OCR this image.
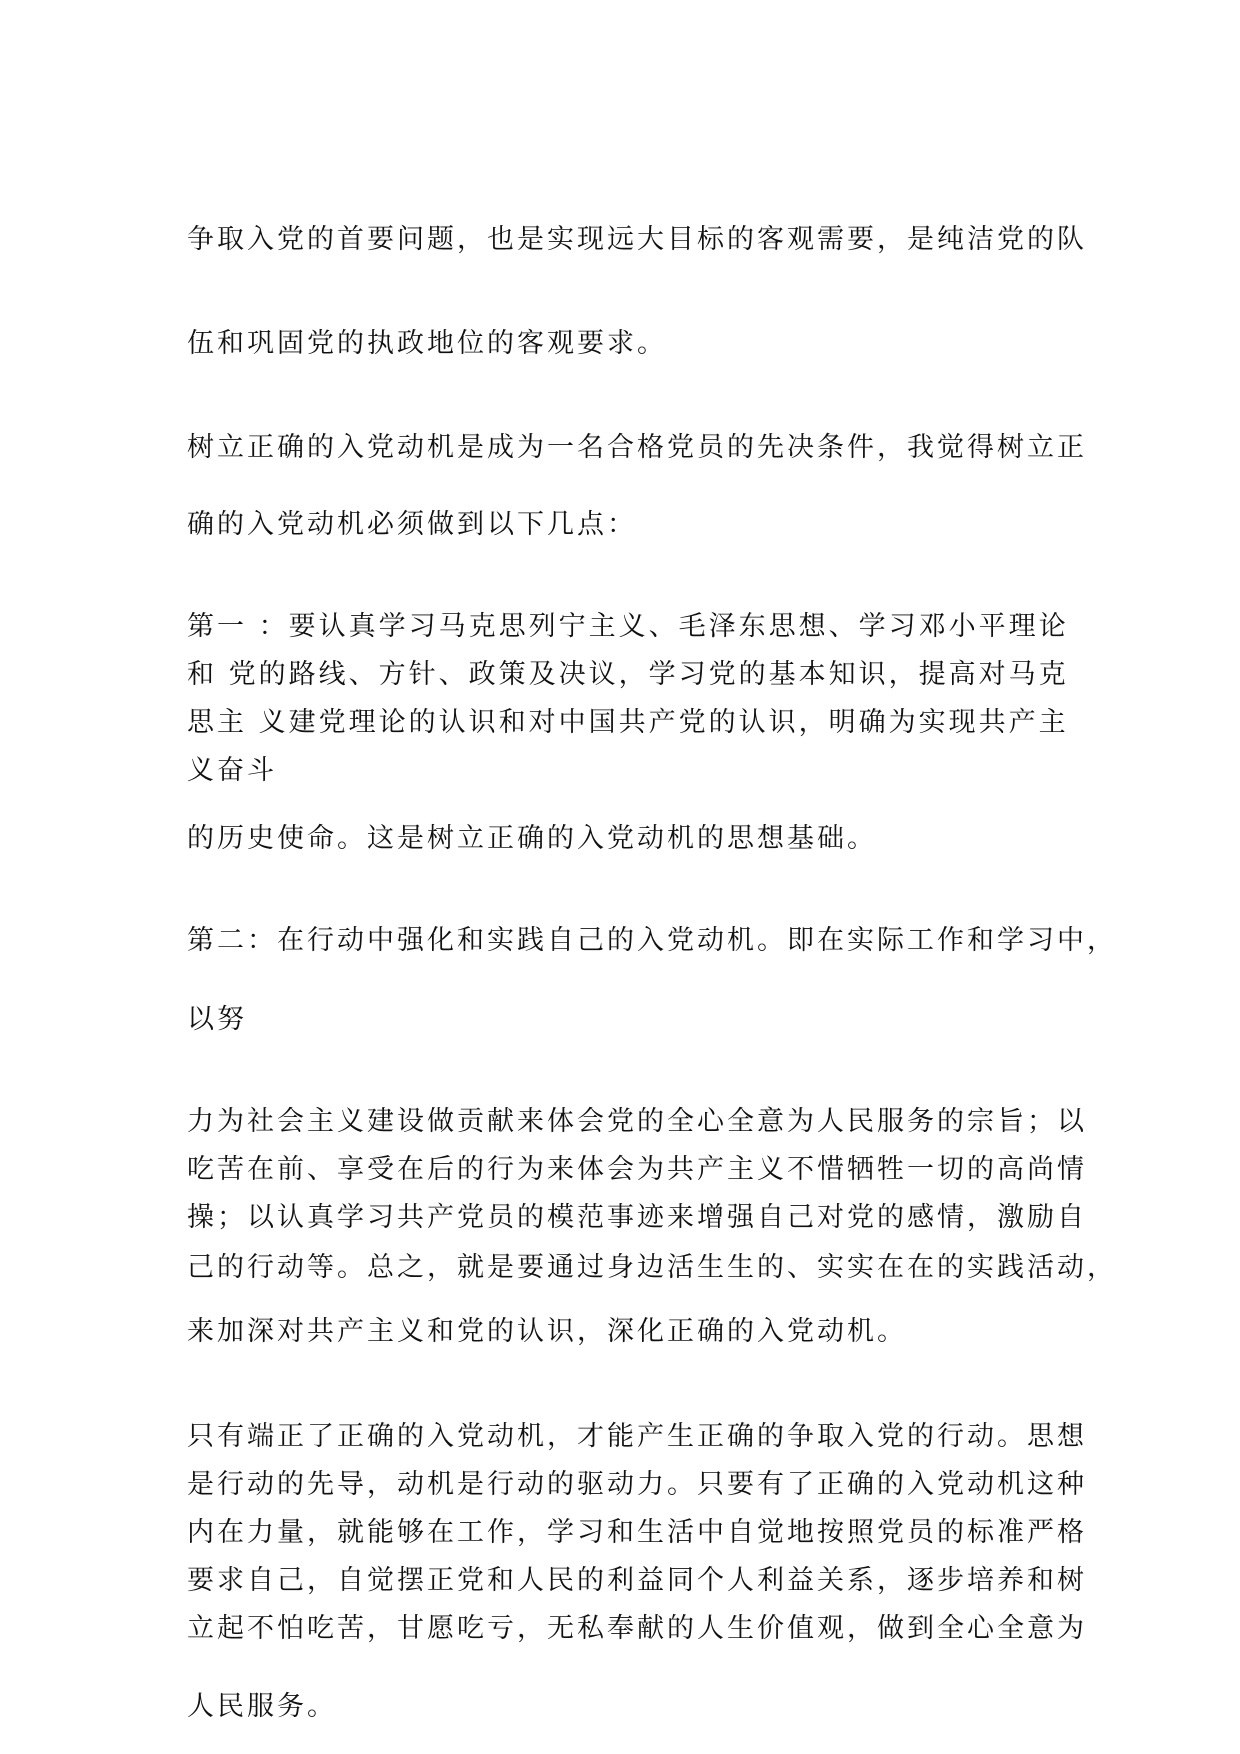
争取入党的首要问题，也是实现远大目标的客观需要，是纯洁党的队

伍和巩固党的执政地位的客观要求。

树立正确的入党动机是成为一名合格党员的先决条件，我觉得树立正

确的入党动机必须做到以下几点：

第一 ：要认真学习马克思列宁主义、毛泽东思想、学习邓小平理论

和 党的路线、方针、政策及决议，学习党的基本知识，提高对马克

思主 义建党理论的认识和对中国共产党的认识，明确为实现共产主

义奋斗

的历史使命。这是树立正确的入党动机的思想基础。

第二：在行动中强化和实践自己的入党动机。即在实际工作和学习中，

以努

力为社会主义建设做贡献来体会党的全心全意为人民服务的宗旨；以

吃苦在前、享受在后的行为来体会为共产主义不惜牺牲一切的高尚情

操；以认真学习共产党员的模范事迹来增强自己对党的感情，激励自

己的行动等。总之，就是要通过身边活生生的、实实在在的实践活动，

来加深对共产主义和党的认识，深化正确的入党动机。

只有端正了正确的入党动机，才能产生正确的争取入党的行动。思想

是行动的先导，动机是行动的驱动力。只要有了正确的入党动机这种

内在力量，就能够在工作，学习和生活中自觉地按照党员的标准严格

要求自己，自觉摆正党和人民的利益同个人利益关系，逐步培养和树

立起不怕吃苦，甘愿吃亏，无私奉献的人生价值观，做到全心全意为

人民服务。
